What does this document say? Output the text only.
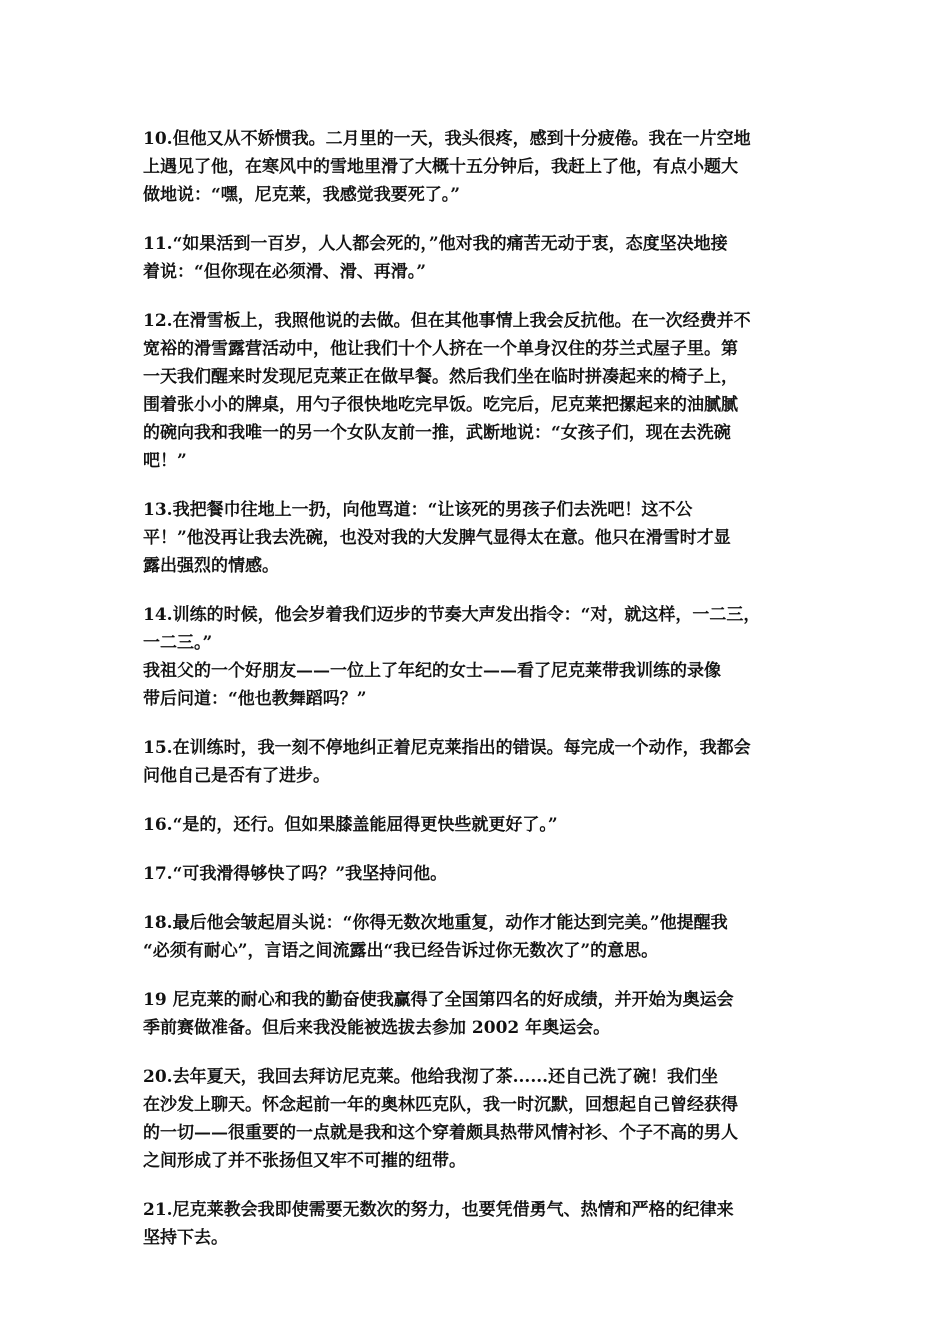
10.但他又从不娇惯我。二月里的一天，我头很疼，感到十分疲倦。我在一片空地
上遇见了他，在寒风中的雪地里滑了大概十五分钟后，我赶上了他，有点小题大
做地说：“嘿，尼克莱，我感觉我要死了。”

11.“如果活到一百岁，人人都会死的，”他对我的痛苦无动于衷，态度坚决地接
着说：“但你现在必须滑、滑、再滑。”

12.在滑雪板上，我照他说的去做。但在其他事情上我会反抗他。在一次经费并不
宽裕的滑雪露营活动中，他让我们十个人挤在一个单身汉住的芬兰式屋子里。第
一天我们醒来时发现尼克莱正在做早餐。然后我们坐在临时拼凑起来的椅子上，
围着张小小的牌桌，用勺子很快地吃完早饭。吃完后，尼克莱把摞起来的油腻腻
的碗向我和我唯一的另一个女队友前一推，武断地说：“女孩子们，现在去洗碗
吧！”

13.我把餐巾往地上一扔，向他骂道：“让该死的男孩子们去洗吧！这不公
平！”他没再让我去洗碗，也没对我的大发脾气显得太在意。他只在滑雪时才显
露出强烈的情感。

14.训练的时候，他会岁着我们迈步的节奏大声发出指令：“对，就这样，一二三，
一二三。”
我祖父的一个好朋友——一位上了年纪的女士——看了尼克莱带我训练的录像
带后问道：“他也教舞蹈吗？”

15.在训练时，我一刻不停地纠正着尼克莱指出的错误。每完成一个动作，我都会
问他自己是否有了进步。

16.“是的，还行。但如果膝盖能屈得更快些就更好了。”

17.“可我滑得够快了吗？”我坚持问他。

18.最后他会皱起眉头说：“你得无数次地重复，动作才能达到完美。”他提醒我
“必须有耐心”，言语之间流露出“我已经告诉过你无数次了”的意思。

19 尼克莱的耐心和我的勤奋使我赢得了全国第四名的好成绩，并开始为奥运会
季前赛做准备。但后来我没能被选拔去参加 2002 年奥运会。

20.去年夏天，我回去拜访尼克莱。他给我沏了茶......还自己洗了碗！我们坐
在沙发上聊天。怀念起前一年的奥林匹克队，我一时沉默，回想起自己曾经获得
的一切——很重要的一点就是我和这个穿着颇具热带风情衬衫、个子不高的男人
之间形成了并不张扬但又牢不可摧的纽带。

21.尼克莱教会我即使需要无数次的努力，也要凭借勇气、热情和严格的纪律来
坚持下去。
